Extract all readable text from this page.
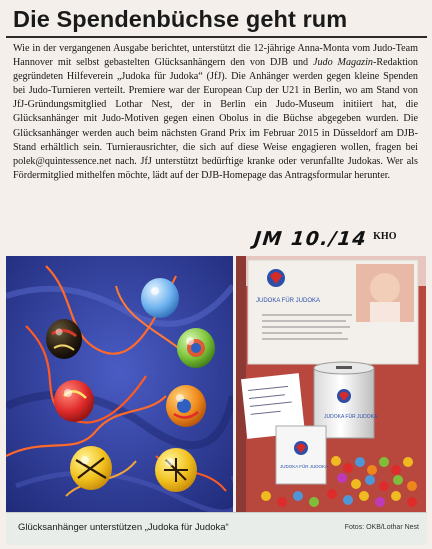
Die Spendenbüchse geht rum

Wie in der vergangenen Ausgabe berichtet, unterstützt die 12-jährige Anna-Monta vom Judo-Team Hannover mit selbst gebastelten Glücksanhängern den von DJB und Judo Magazin-Redaktion gegründeten Hilfeverein „Judoka für Judoka“ (JfJ). Die Anhänger werden gegen kleine Spenden bei Judo-Turnieren verteilt. Premiere war der European Cup der U21 in Berlin, wo am Stand von JfJ-Gründungsmitglied Lothar Nest, der in Berlin ein Judo-Museum initiiert hat, die Glücksanhänger mit Judo-Motiven gegen einen Obolus in die Büchse abgegeben wurden. Die Glücksanhänger werden auch beim nächsten Grand Prix im Februar 2015 in Düsseldorf am DJB-Stand erhältlich sein. Turnierausrichter, die sich auf diese Weise engagieren wollen, fragen bei polek@quintessence.net nach. JfJ unterstützt bedürftige kranke oder verunfallte Judokas. Wer als Fördermitglied mithelfen möchte, lädt auf der DJB-Homepage das Antragsformular herunter.

JM 10./14 KHO
JUDOKA FÜR JUDOKA
JUDOKA FÜR JUDOKA
JUDOKA FÜR JUDOKA
Glücksanhänger unterstützen „Judoka für Judoka“	Fotos: OKB/Lothar Nest
